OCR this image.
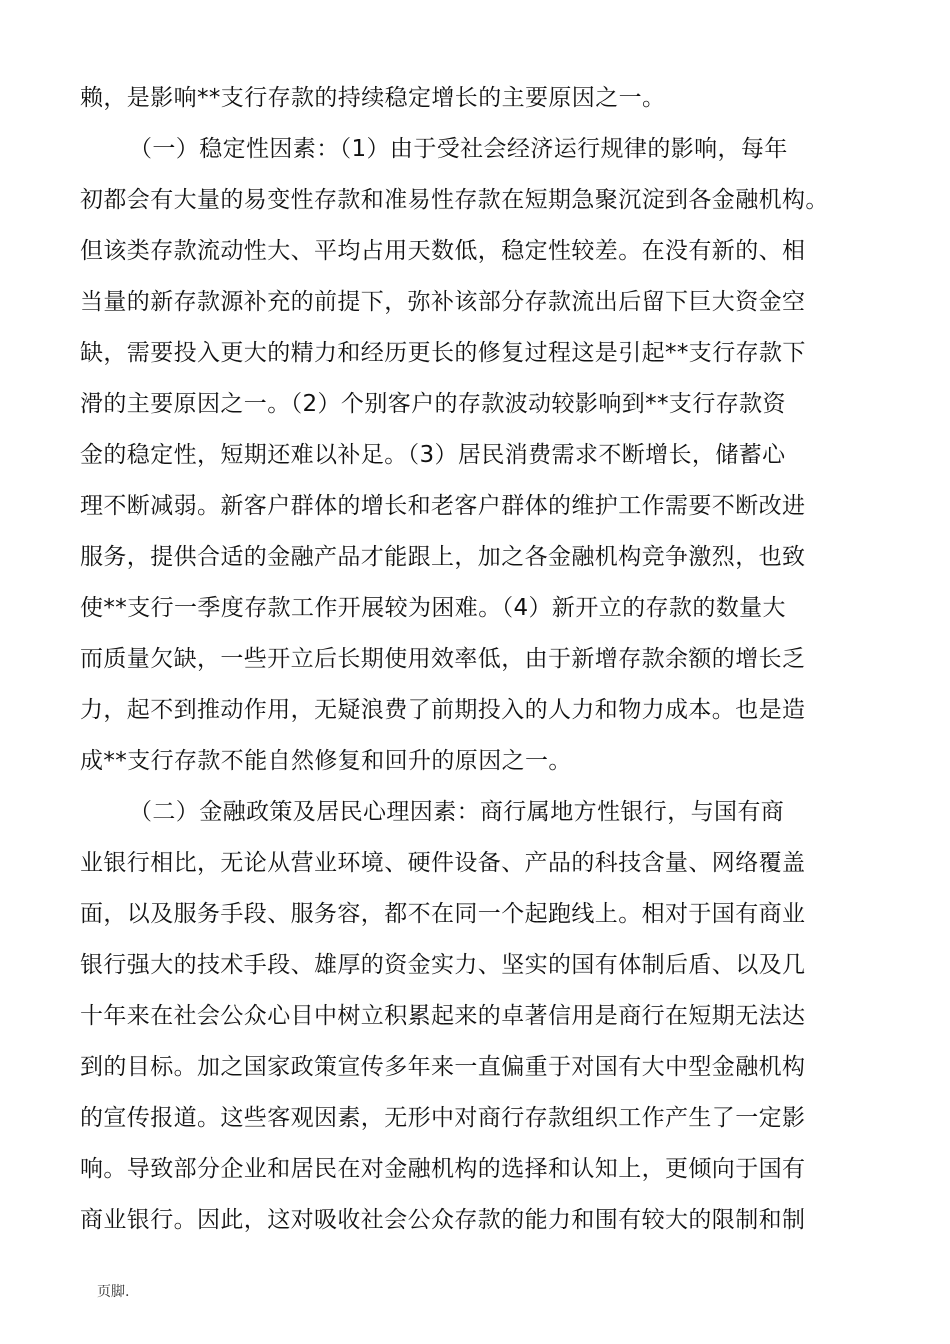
赖，是影响**支行存款的持续稳定增长的主要原因之一。
（一）稳定性因素：（1）由于受社会经济运行规律的影响，每年
初都会有大量的易变性存款和准易性存款在短期急聚沉淀到各金融机构。
但该类存款流动性大、平均占用天数低，稳定性较差。在没有新的、相
当量的新存款源补充的前提下，弥补该部分存款流出后留下巨大资金空
缺，需要投入更大的精力和经历更长的修复过程这是引起**支行存款下
滑的主要原因之一。（2）个别客户的存款波动较影响到**支行存款资
金的稳定性，短期还难以补足。（3）居民消费需求不断增长，储蓄心
理不断减弱。新客户群体的增长和老客户群体的维护工作需要不断改进
服务，提供合适的金融产品才能跟上，加之各金融机构竞争激烈，也致
使**支行一季度存款工作开展较为困难。（4）新开立的存款的数量大
而质量欠缺，一些开立后长期使用效率低，由于新增存款余额的增长乏
力，起不到推动作用，无疑浪费了前期投入的人力和物力成本。也是造
成**支行存款不能自然修复和回升的原因之一。
（二）金融政策及居民心理因素：商行属地方性银行，与国有商
业银行相比，无论从营业环境、硬件设备、产品的科技含量、网络覆盖
面，以及服务手段、服务容，都不在同一个起跑线上。相对于国有商业
银行强大的技术手段、雄厚的资金实力、坚实的国有体制后盾、以及几
十年来在社会公众心目中树立积累起来的卓著信用是商行在短期无法达
到的目标。加之国家政策宣传多年来一直偏重于对国有大中型金融机构
的宣传报道。这些客观因素，无形中对商行存款组织工作产生了一定影
响。导致部分企业和居民在对金融机构的选择和认知上，更倾向于国有
商业银行。因此，这对吸收社会公众存款的能力和围有较大的限制和制
页脚.
